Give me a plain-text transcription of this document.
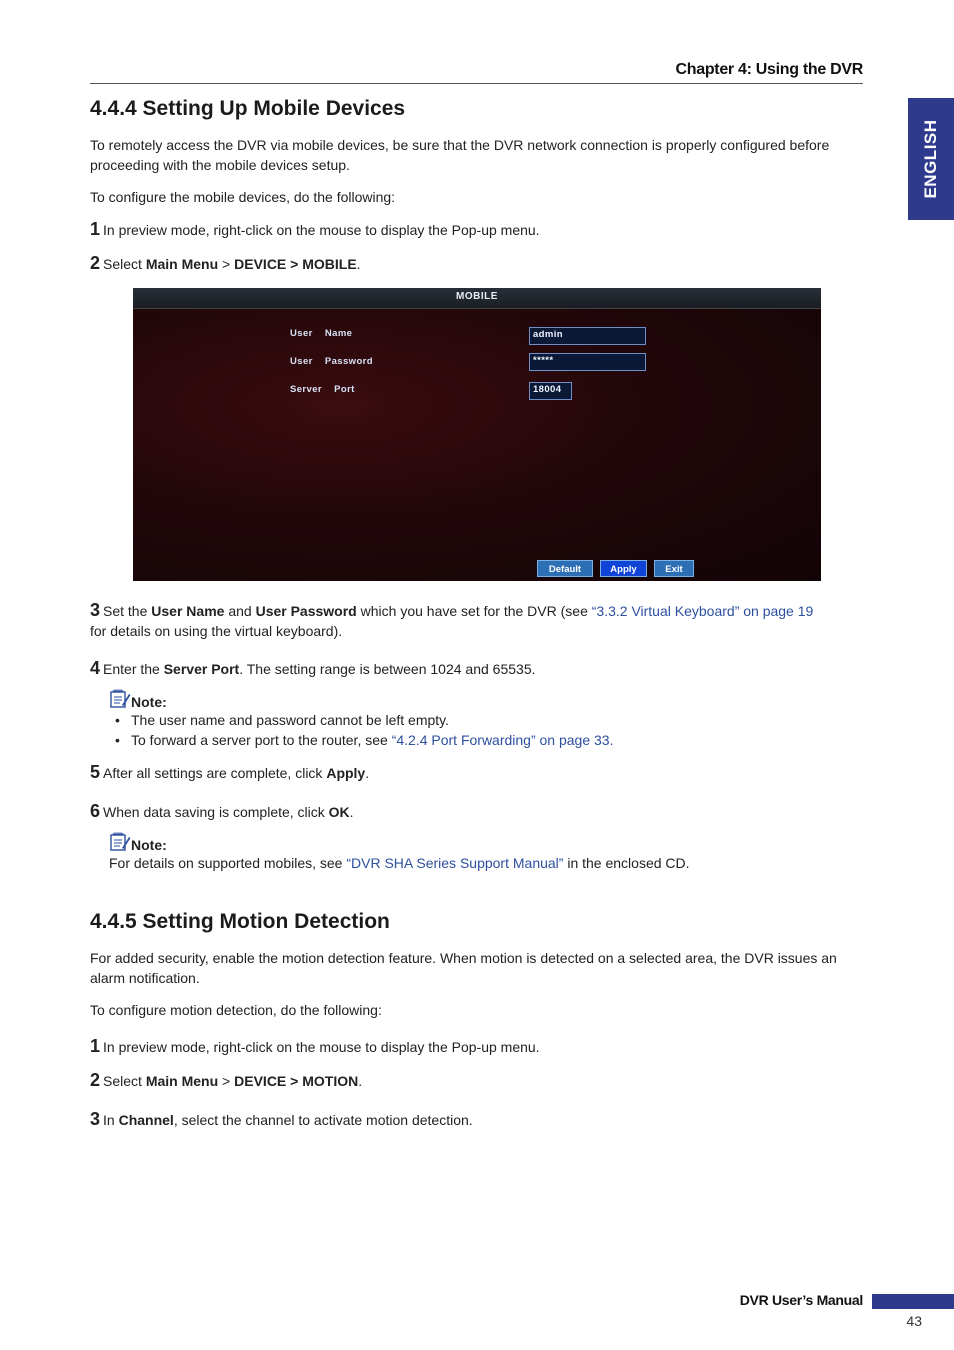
Chapter 4: Using the DVR
ENGLISH
4.4.4 Setting Up Mobile Devices
To remotely access the DVR via mobile devices, be sure that the DVR network connection is properly configured before proceeding with the mobile devices setup.
To configure the mobile devices, do the following:
1 In preview mode, right-click on the mouse to display the Pop-up menu.
2 Select Main Menu > DEVICE > MOBILE.
MOBILE
User    Name
User    Password
Server    Port
admin
*****
18004
Default	Apply	Exit
3 Set the User Name and User Password which you have set for the DVR (see “3.3.2 Virtual Keyboard” on page 19
for details on using the virtual keyboard).
4 Enter the Server Port. The setting range is between 1024 and 65535.
Note:
• The user name and password cannot be left empty.
• To forward a server port to the router, see “4.2.4 Port Forwarding” on page 33.
5 After all settings are complete, click Apply.
6 When data saving is complete, click OK.
Note:
For details on supported mobiles, see “DVR SHA Series Support Manual” in the enclosed CD.
4.4.5 Setting Motion Detection
For added security, enable the motion detection feature. When motion is detected on a selected area, the DVR issues an alarm notification.
To configure motion detection, do the following:
1 In preview mode, right-click on the mouse to display the Pop-up menu.
2 Select Main Menu > DEVICE > MOTION.
3 In Channel, select the channel to activate motion detection.
DVR User’s Manual
43
